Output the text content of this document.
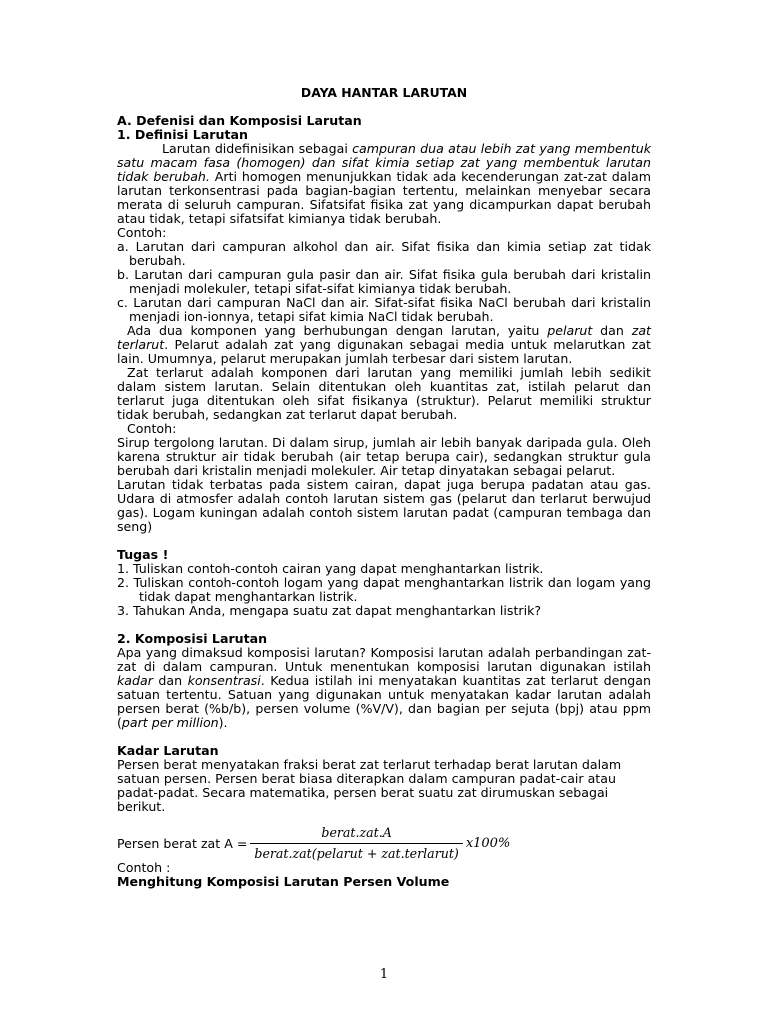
DAYA HANTAR LARUTAN

A. Defenisi dan Komposisi Larutan

1. Definisi Larutan

Larutan didefinisikan sebagai campuran dua atau lebih zat yang membentuk satu macam fasa (homogen) dan sifat kimia setiap zat yang membentuk larutan tidak berubah. Arti homogen menunjukkan tidak ada kecenderungan zat-zat dalam larutan terkonsentrasi pada bagian-bagian tertentu, melainkan menyebar secara merata di seluruh campuran. Sifatsifat fisika zat yang dicampurkan dapat berubah atau tidak, tetapi sifatsifat kimianya tidak berubah.

Contoh:

a. Larutan dari campuran alkohol dan air. Sifat fisika dan kimia setiap zat tidak berubah.

b. Larutan dari campuran gula pasir dan air. Sifat fisika gula berubah dari kristalin menjadi molekuler, tetapi sifat-sifat kimianya tidak berubah.

c. Larutan dari campuran NaCl dan air. Sifat-sifat fisika NaCl berubah dari kristalin menjadi ion-ionnya, tetapi sifat kimia NaCl tidak berubah.

Ada dua komponen yang berhubungan dengan larutan, yaitu pelarut dan zat terlarut. Pelarut adalah zat yang digunakan sebagai media untuk melarutkan zat lain. Umumnya, pelarut merupakan jumlah terbesar dari sistem larutan.

Zat terlarut adalah komponen dari larutan yang memiliki jumlah lebih sedikit dalam sistem larutan. Selain ditentukan oleh kuantitas zat, istilah pelarut dan terlarut juga ditentukan oleh sifat fisikanya (struktur). Pelarut memiliki struktur tidak berubah, sedangkan zat terlarut dapat berubah.

Contoh:

Sirup tergolong larutan. Di dalam sirup, jumlah air lebih banyak daripada gula. Oleh karena struktur air tidak berubah (air tetap berupa cair), sedangkan struktur gula berubah dari kristalin menjadi molekuler. Air tetap dinyatakan sebagai pelarut.

Larutan tidak terbatas pada sistem cairan, dapat juga berupa padatan atau gas. Udara di atmosfer adalah contoh larutan sistem gas (pelarut dan terlarut berwujud gas). Logam kuningan adalah contoh sistem larutan padat (campuran tembaga dan seng)

Tugas !

1. Tuliskan contoh-contoh cairan yang dapat menghantarkan listrik.

2. Tuliskan contoh-contoh logam yang dapat menghantarkan listrik dan logam yang tidak dapat menghantarkan listrik.

3. Tahukan Anda, mengapa suatu zat dapat menghantarkan listrik?

2. Komposisi Larutan

Apa yang dimaksud komposisi larutan? Komposisi larutan adalah perbandingan zat-zat di dalam campuran. Untuk menentukan komposisi larutan digunakan istilah kadar dan konsentrasi. Kedua istilah ini menyatakan kuantitas zat terlarut dengan satuan tertentu. Satuan yang digunakan untuk menyatakan kadar larutan adalah persen berat (%b/b), persen volume (%V/V), dan bagian per sejuta (bpj) atau ppm (part per million).

Kadar Larutan

Persen berat menyatakan fraksi berat zat terlarut terhadap berat larutan dalam satuan persen. Persen berat biasa diterapkan dalam campuran padat-cair atau padat-padat. Secara matematika, persen berat suatu zat dirumuskan sebagai berikut.

Persen berat zat $A = \frac{\text{berat.zat.A}}{\text{berat.zat(pelarut + zat.terlarut)}} x100\%$

Contoh :

Menghitung Komposisi Larutan Persen Volume

1
